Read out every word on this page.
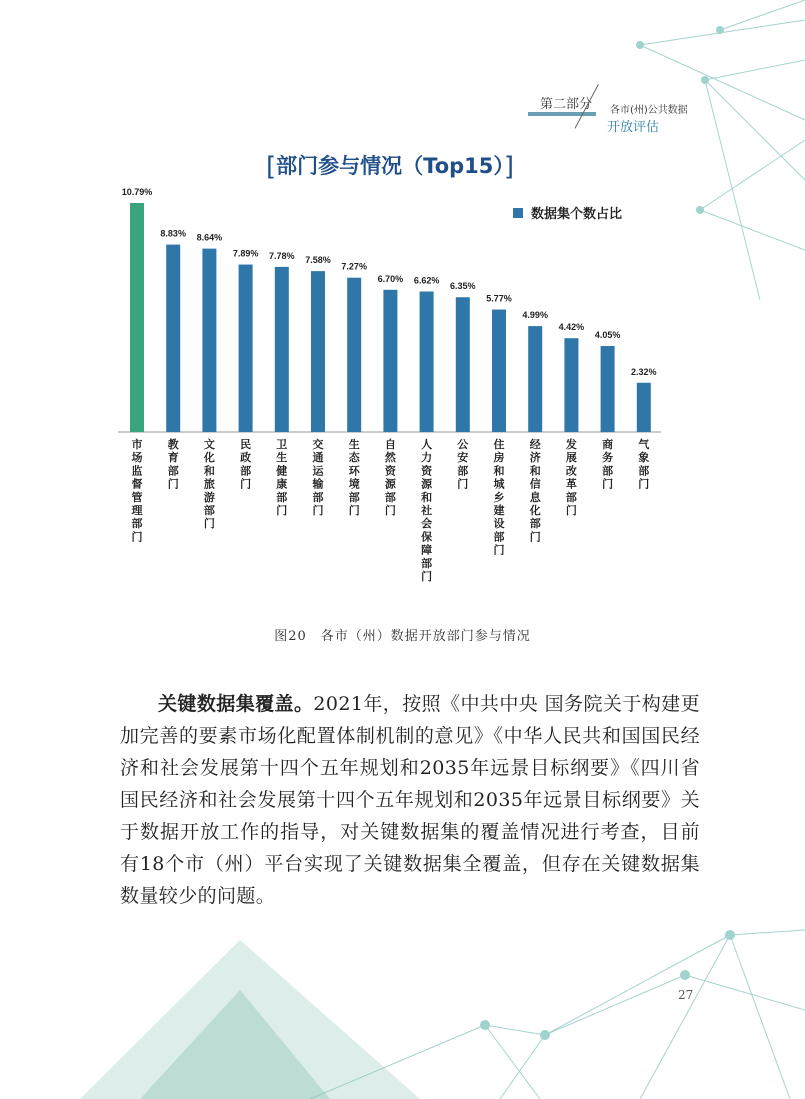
第二部分 各市(州)公共数据
开放评估
[部门参与情况（Top15）]
数据集个数占比
10.79%
市场监督管理部门
8.83%
教育部门
8.64%
文化和旅游部门
7.89%
民政部门
7.78%
卫生健康部门
7.58%
交通运输部门
7.27%
生态环境部门
6.70%
自然资源部门
6.62%
人力资源和社会保障部门
6.35%
公安部门
5.77%
住房和城乡建设部门
4.99%
经济和信息化部门
4.42%
发展改革部门
4.05%
商务部门
2.32%
气象部门
图20　各市（州）数据开放部门参与情况

关键数据集覆盖。2021年，按照《中共中央 国务院关于构建更加完善的要素市场化配置体制机制的意见》《中华人民共和国国民经济和社会发展第十四个五年规划和2035年远景目标纲要》《四川省国民经济和社会发展第十四个五年规划和2035年远景目标纲要》关于数据开放工作的指导，对关键数据集的覆盖情况进行考查，目前有18个市（州）平台实现了关键数据集全覆盖，但存在关键数据集数量较少的问题。

27
